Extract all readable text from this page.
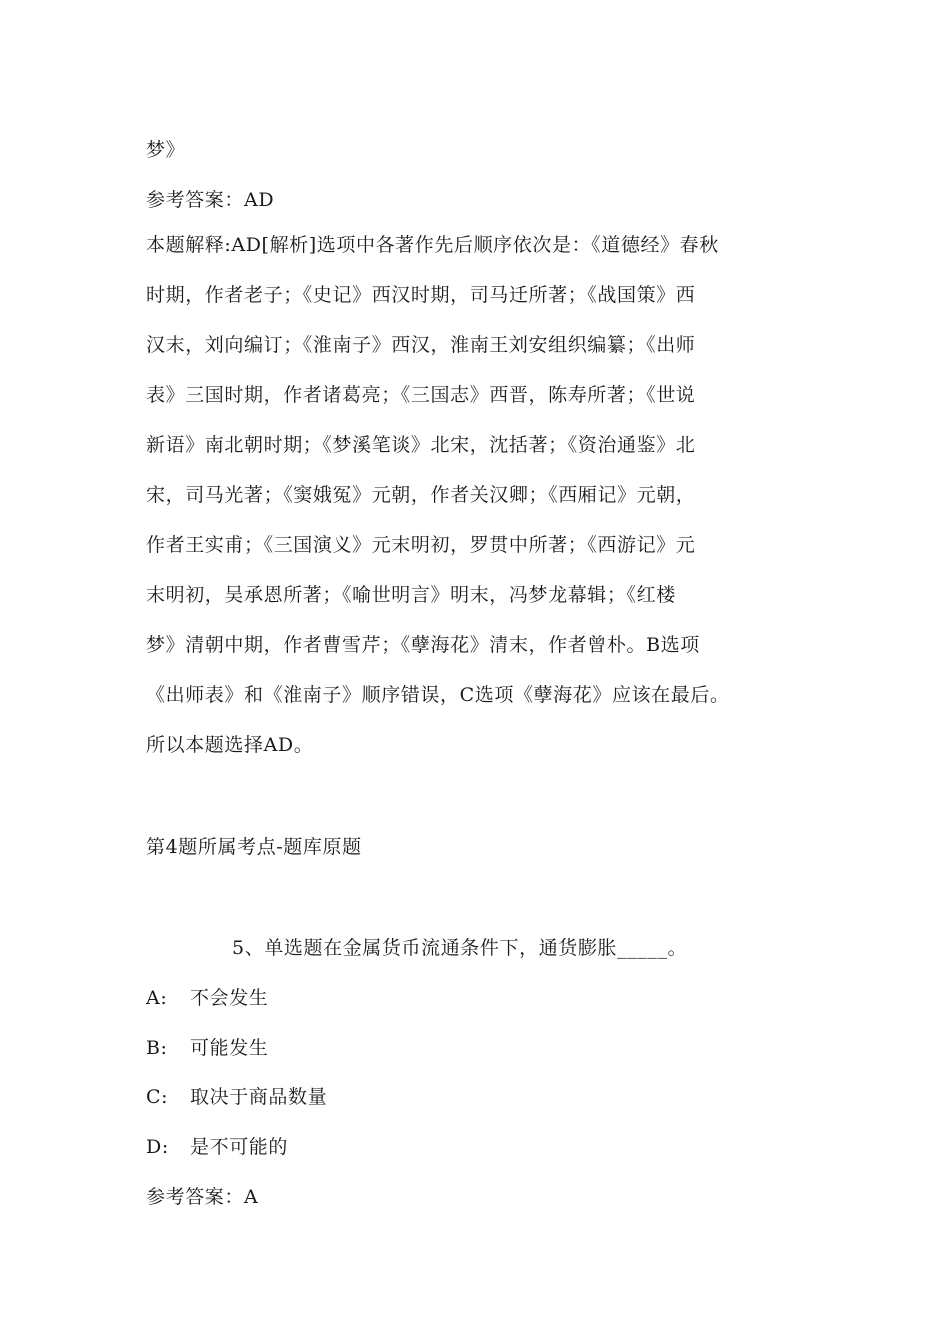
梦》
参考答案：AD
本题解释:AD[解析]选项中各著作先后顺序依次是：《道德经》春秋
时期，作者老子；《史记》西汉时期，司马迁所著；《战国策》西
汉末，刘向编订；《淮南子》西汉，淮南王刘安组织编纂；《出师
表》三国时期，作者诸葛亮；《三国志》西晋，陈寿所著；《世说
新语》南北朝时期；《梦溪笔谈》北宋，沈括著；《资治通鉴》北
宋，司马光著；《窦娥冤》元朝，作者关汉卿；《西厢记》元朝，
作者王实甫；《三国演义》元末明初，罗贯中所著；《西游记》元
末明初，吴承恩所著；《喻世明言》明末，冯梦龙幕辑；《红楼
梦》清朝中期，作者曹雪芹；《孽海花》清末，作者曾朴。B选项
《出师表》和《淮南子》顺序错误，C选项《孽海花》应该在最后。
所以本题选择AD。
第4题所属考点-题库原题
5、单选题在金属货币流通条件下，通货膨胀_____。
A: 不会发生
B: 可能发生
C: 取决于商品数量
D: 是不可能的
参考答案：A
